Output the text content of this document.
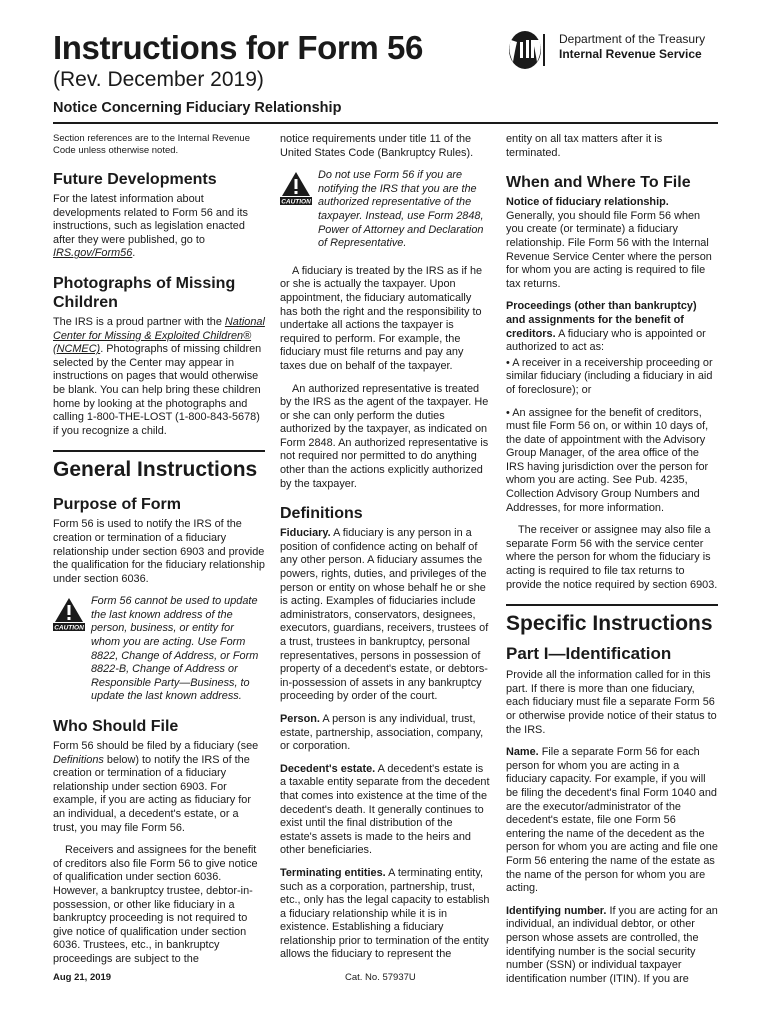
Instructions for Form 56
(Rev. December 2019)
Notice Concerning Fiduciary Relationship
Department of the Treasury
Internal Revenue Service

Section references are to the Internal Revenue Code unless otherwise noted.

Future Developments

For the latest information about developments related to Form 56 and its instructions, such as legislation enacted after they were published, go to IRS.gov/Form56.

Photographs of Missing Children

The IRS is a proud partner with the National Center for Missing & Exploited Children® (NCMEC). Photographs of missing children selected by the Center may appear in instructions on pages that would otherwise be blank. You can help bring these children home by looking at the photographs and calling 1-800-THE-LOST (1-800-843-5678) if you recognize a child.

General Instructions
Purpose of Form

Form 56 is used to notify the IRS of the creation or termination of a fiduciary relationship under section 6903 and provide the qualification for the fiduciary relationship under section 6036.

CAUTION

Form 56 cannot be used to update the last known address of the person, business, or entity for whom you are acting. Use Form 8822, Change of Address, or Form 8822-B, Change of Address or Responsible Party—Business, to update the last known address.

Who Should File

Form 56 should be filed by a fiduciary (see Definitions below) to notify the IRS of the creation or termination of a fiduciary relationship under section 6903. For example, if you are acting as fiduciary for an individual, a decedent's estate, or a trust, you may file Form 56.

Receivers and assignees for the benefit of creditors also file Form 56 to give notice of qualification under section 6036. However, a bankruptcy trustee, debtor-in-possession, or other like fiduciary in a bankruptcy proceeding is not required to give notice of qualification under section 6036. Trustees, etc., in bankruptcy proceedings are subject to the

notice requirements under title 11 of the United States Code (Bankruptcy Rules).

CAUTION

Do not use Form 56 if you are notifying the IRS that you are the authorized representative of the taxpayer. Instead, use Form 2848, Power of Attorney and Declaration of Representative.

A fiduciary is treated by the IRS as if he or she is actually the taxpayer. Upon appointment, the fiduciary automatically has both the right and the responsibility to undertake all actions the taxpayer is required to perform. For example, the fiduciary must file returns and pay any taxes due on behalf of the taxpayer.

An authorized representative is treated by the IRS as the agent of the taxpayer. He or she can only perform the duties authorized by the taxpayer, as indicated on Form 2848. An authorized representative is not required nor permitted to do anything other than the actions explicitly authorized by the taxpayer.

Definitions

Fiduciary. A fiduciary is any person in a position of confidence acting on behalf of any other person. A fiduciary assumes the powers, rights, duties, and privileges of the person or entity on whose behalf he or she is acting. Examples of fiduciaries include administrators, conservators, designees, executors, guardians, receivers, trustees of a trust, trustees in bankruptcy, personal representatives, persons in possession of property of a decedent's estate, or debtors-in-possession of assets in any bankruptcy proceeding by order of the court.

Person. A person is any individual, trust, estate, partnership, association, company, or corporation.

Decedent's estate. A decedent's estate is a taxable entity separate from the decedent that comes into existence at the time of the decedent's death. It generally continues to exist until the final distribution of the estate's assets is made to the heirs and other beneficiaries.

Terminating entities. A terminating entity, such as a corporation, partnership, trust, etc., only has the legal capacity to establish a fiduciary relationship while it is in existence. Establishing a fiduciary relationship prior to termination of the entity allows the fiduciary to represent the

entity on all tax matters after it is terminated.

When and Where To File

Notice of fiduciary relationship. Generally, you should file Form 56 when you create (or terminate) a fiduciary relationship. File Form 56 with the Internal Revenue Service Center where the person for whom you are acting is required to file tax returns.

Proceedings (other than bankruptcy) and assignments for the benefit of creditors. A fiduciary who is appointed or authorized to act as:

• A receiver in a receivership proceeding or similar fiduciary (including a fiduciary in aid of foreclosure); or

• An assignee for the benefit of creditors, must file Form 56 on, or within 10 days of, the date of appointment with the Advisory Group Manager, of the area office of the IRS having jurisdiction over the person for whom you are acting. See Pub. 4235, Collection Advisory Group Numbers and Addresses, for more information.

The receiver or assignee may also file a separate Form 56 with the service center where the person for whom the fiduciary is acting is required to file tax returns to provide the notice required by section 6903.

Specific Instructions
Part I—Identification

Provide all the information called for in this part. If there is more than one fiduciary, each fiduciary must file a separate Form 56 or otherwise provide notice of their status to the IRS.

Name. File a separate Form 56 for each person for whom you are acting in a fiduciary capacity. For example, if you will be filing the decedent's final Form 1040 and are the executor/administrator of the decedent's estate, file one Form 56 entering the name of the decedent as the person for whom you are acting and file one Form 56 entering the name of the estate as the name of the person for whom you are acting.

Identifying number. If you are acting for an individual, an individual debtor, or other person whose assets are controlled, the identifying number is the social security number (SSN) or individual taxpayer identification number (ITIN). If you are

Aug 21, 2019	Cat. No. 57937U
